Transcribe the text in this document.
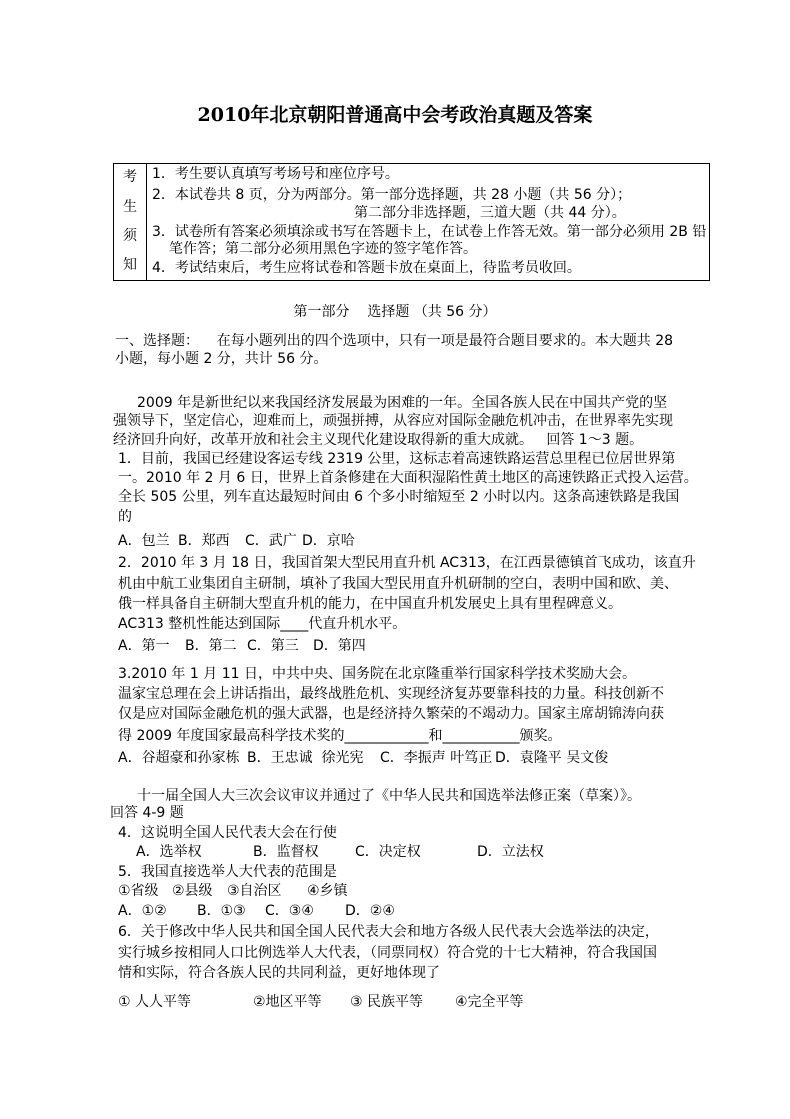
2010年北京朝阳普通高中会考政治真题及答案
考
生
须
知
1．考生要认真填写考场号和座位序号。
2．本试卷共 8 页，分为两部分。第一部分选择题，共 28 小题（共 56 分）；
第二部分非选择题，三道大题（共 44 分）。
3．试卷所有答案必须填涂或书写在答题卡上，在试卷上作答无效。第一部分必须用 2B 铅
笔作答；第二部分必须用黑色字迹的签字笔作答。
4．考试结束后，考生应将试卷和答题卡放在桌面上，待监考员收回。
第一部分    选择题 （共 56 分）
一、选择题：    在每小题列出的四个选项中，只有一项是最符合题目要求的。本大题共 28
小题，每小题 2 分，共计 56 分。
2009 年是新世纪以来我国经济发展最为困难的一年。全国各族人民在中国共产党的坚
强领导下，坚定信心，迎难而上，顽强拼搏，从容应对国际金融危机冲击，在世界率先实现
经济回升向好，改革开放和社会主义现代化建设取得新的重大成就。   回答 1～3 题。
1．目前，我国已经建设客运专线 2319 公里，这标志着高速铁路运营总里程已位居世界第
一。2010 年 2 月 6 日，世界上首条修建在大面积湿陷性黄土地区的高速铁路正式投入运营。
全长 505 公里，列车直达最短时间由 6 个多小时缩短至 2 小时以内。这条高速铁路是我国
的
A．包兰 B．郑西 C．武广 D．京哈
2．2010 年 3 月 18 日，我国首架大型民用直升机 AC313，在江西景德镇首飞成功，该直升
机由中航工业集团自主研制，填补了我国大型民用直升机研制的空白，表明中国和欧、美、
俄一样具备自主研制大型直升机的能力，在中国直升机发展史上具有里程碑意义。
AC313 整机性能达到国际____代直升机水平。
A．第一 B．第二 C．第三 D．第四
3.2010 年 1 月 11 日，中共中央、国务院在北京隆重举行国家科学技术奖励大会。
温家宝总理在会上讲话指出，最终战胜危机、实现经济复苏要靠科技的力量。科技创新不
仅是应对国际金融危机的强大武器，也是经济持久繁荣的不竭动力。国家主席胡锦涛向获
得 2009 年度国家最高科学技术奖的____________和___________颁奖。
A．谷超豪和孙家栋 B．王忠诚  徐光宪 C．李振声 叶笃正 D．袁隆平 吴文俊
十一届全国人大三次会议审议并通过了《中华人民共和国选举法修正案（草案）》。
回答 4-9 题
4．这说明全国人民代表大会在行使
A．选举权	B．监督权	C．决定权	D．立法权
5．我国直接选举人大代表的范围是
①省级 ②县级 ③自治区 ④乡镇
A．①② B．①③ C．③④ D．②④
6．关于修改中华人民共和国全国人民代表大会和地方各级人民代表大会选举法的决定，
实行城乡按相同人口比例选举人大代表，（同票同权）符合党的十七大精神，符合我国国
情和实际，符合各族人民的共同利益，更好地体现了
① 人人平等	②地区平等 ③ 民族平等 ④完全平等
